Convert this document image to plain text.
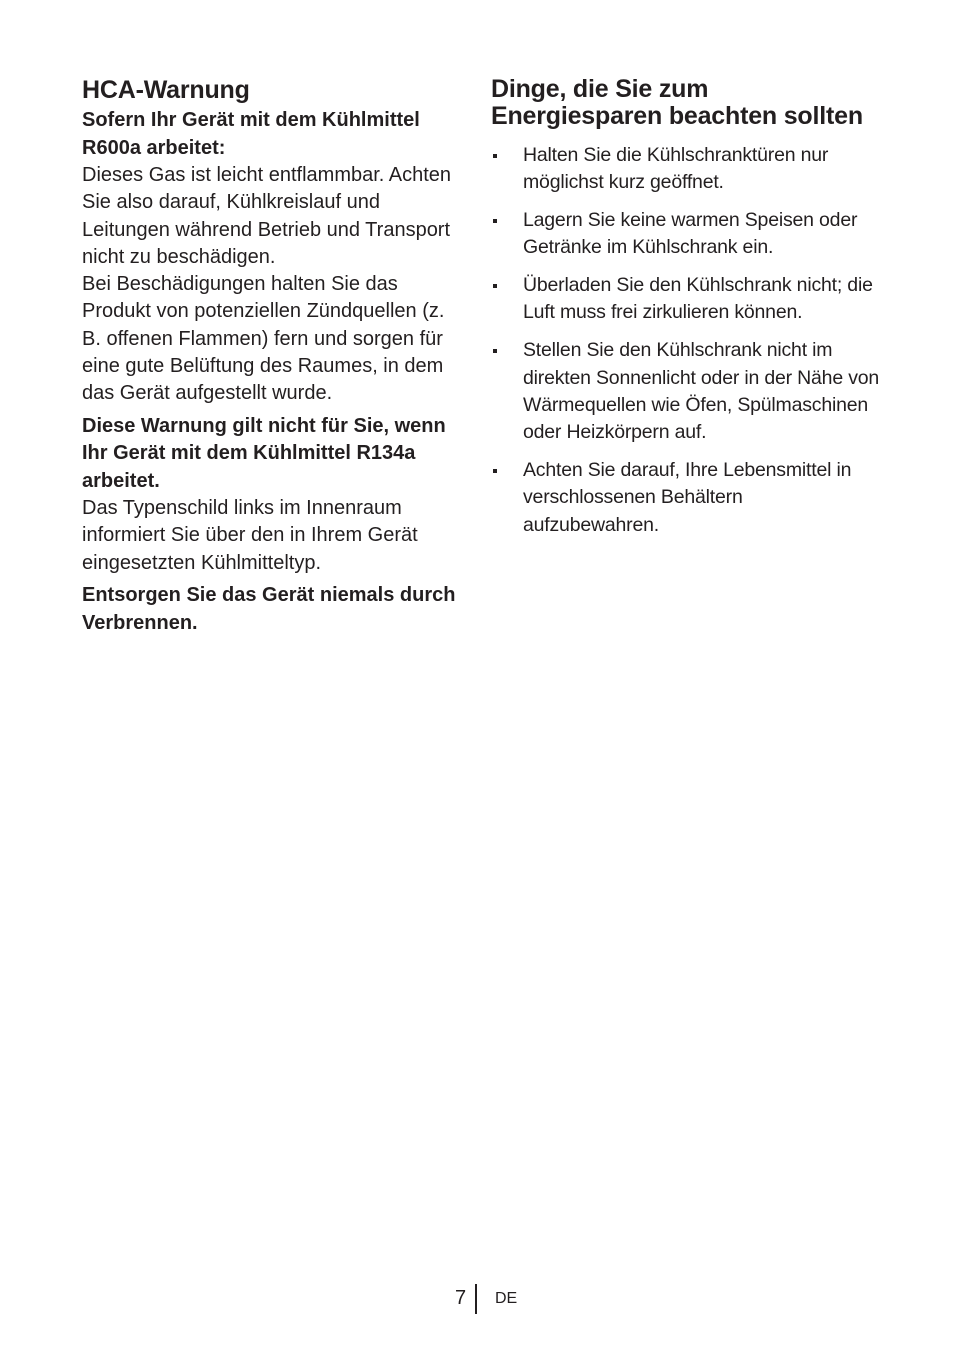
HCA-Warnung

Sofern Ihr Gerät mit dem Kühlmittel R600a arbeitet:

Dieses Gas ist leicht entflammbar. Achten Sie also darauf, Kühlkreislauf und Leitungen während Betrieb und Transport nicht zu beschädigen.

Bei Beschädigungen halten Sie das Produkt von potenziellen Zündquellen (z. B. offenen Flammen) fern und sorgen für eine gute Belüftung des Raumes, in dem das Gerät aufgestellt wurde.

Diese Warnung gilt nicht für Sie, wenn Ihr Gerät mit dem Kühlmittel R134a arbeitet.

Das Typenschild links im Innenraum informiert Sie über den in Ihrem Gerät eingesetzten Kühlmitteltyp.

Entsorgen Sie das Gerät niemals durch Verbrennen.

Dinge, die Sie zum Energiesparen beachten sollten
Halten Sie die Kühlschranktüren nur möglichst kurz geöffnet.
Lagern Sie keine warmen Speisen oder Getränke im Kühlschrank ein.
Überladen Sie den Kühlschrank nicht; die Luft muss frei zirkulieren können.
Stellen Sie den Kühlschrank nicht im direkten Sonnenlicht oder in der Nähe von Wärmequellen wie Öfen, Spülmaschinen oder Heizkörpern auf.
Achten Sie darauf, Ihre Lebensmittel in verschlossenen Behältern aufzubewahren.
7 DE
